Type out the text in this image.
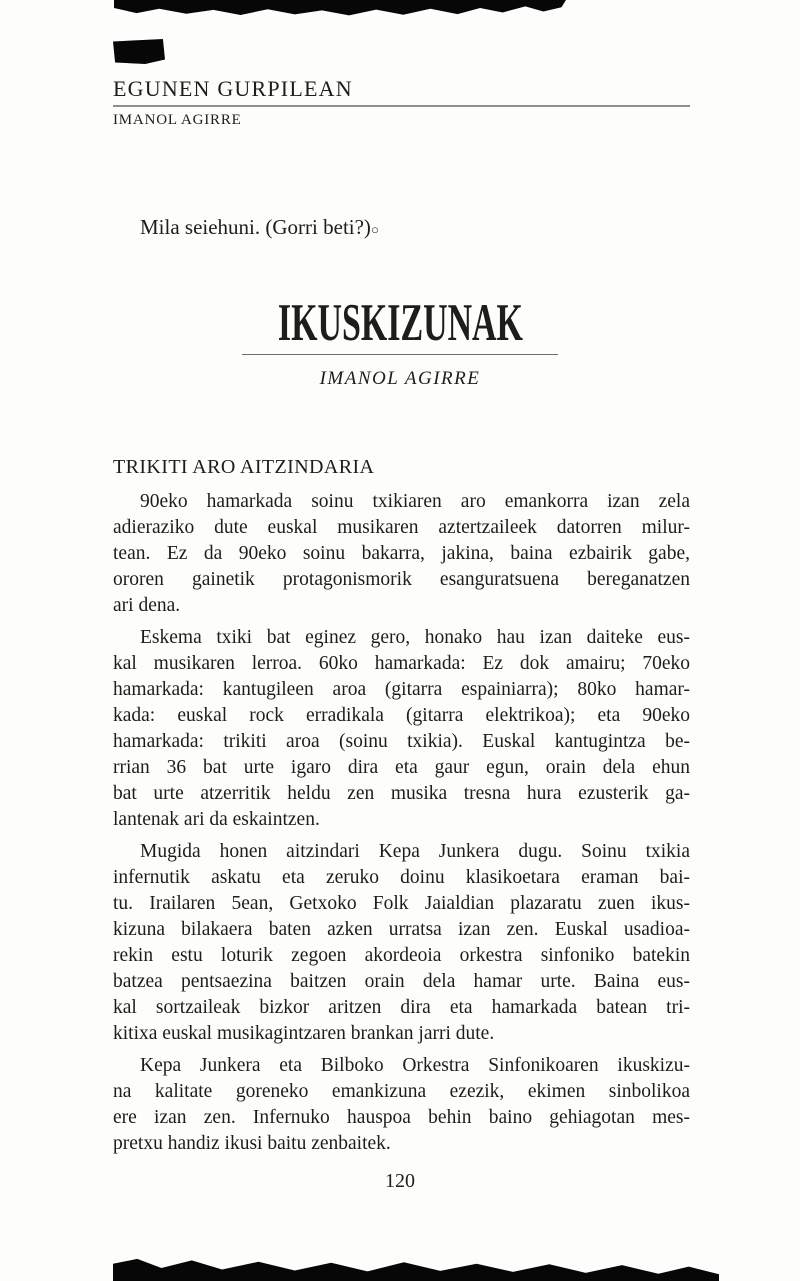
EGUNEN GURPILEAN
IMANOL AGIRRE
Mila seiehuni. (Gorri beti?)○
IKUSKIZUNAK
IMANOL AGIRRE
TRIKITI ARO AITZINDARIA
90eko hamarkada soinu txikiaren aro emankorra izan zela
adieraziko dute euskal musikaren aztertzaileek datorren milur-
tean. Ez da 90eko soinu bakarra, jakina, baina ezbairik gabe,
ororen gainetik protagonismorik esanguratsuena bereganatzen
ari dena.
Eskema txiki bat eginez gero, honako hau izan daiteke eus-
kal musikaren lerroa. 60ko hamarkada: Ez dok amairu; 70eko
hamarkada: kantugileen aroa (gitarra espainiarra); 80ko hamar-
kada: euskal rock erradikala (gitarra elektrikoa); eta 90eko
hamarkada: trikiti aroa (soinu txikia). Euskal kantugintza be-
rrian 36 bat urte igaro dira eta gaur egun, orain dela ehun
bat urte atzerritik heldu zen musika tresna hura ezusterik ga-
lantenak ari da eskaintzen.
Mugida honen aitzindari Kepa Junkera dugu. Soinu txikia
infernutik askatu eta zeruko doinu klasikoetara eraman bai-
tu. Irailaren 5ean, Getxoko Folk Jaialdian plazaratu zuen ikus-
kizuna bilakaera baten azken urratsa izan zen. Euskal usadioa-
rekin estu loturik zegoen akordeoia orkestra sinfoniko batekin
batzea pentsaezina baitzen orain dela hamar urte. Baina eus-
kal sortzaileak bizkor aritzen dira eta hamarkada batean tri-
kitixa euskal musikagintzaren brankan jarri dute.
Kepa Junkera eta Bilboko Orkestra Sinfonikoaren ikuskizu-
na kalitate goreneko emankizuna ezezik, ekimen sinbolikoa
ere izan zen. Infernuko hauspoa behin baino gehiagotan mes-
pretxu handiz ikusi baitu zenbaitek.
120
